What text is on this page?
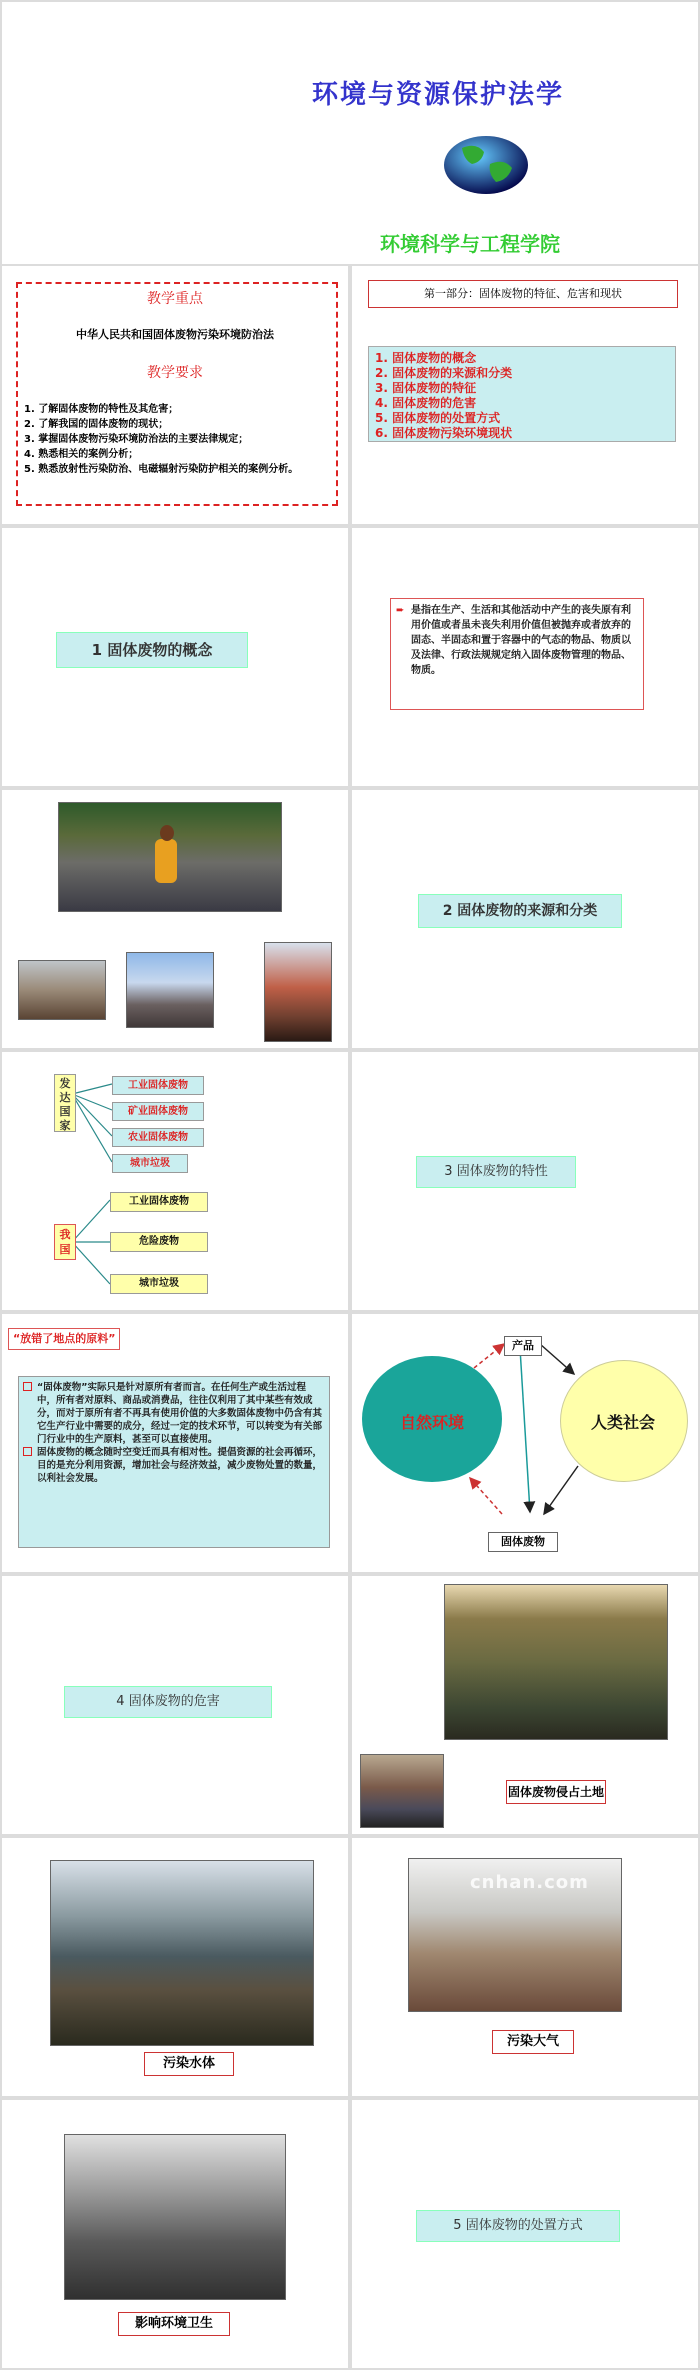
环境与资源保护法学
环境科学与工程学院
教学重点
中华人民共和国固体废物污染环境防治法
教学要求
1. 了解固体废物的特性及其危害；
2. 了解我国的固体废物的现状；
3. 掌握固体废物污染环境防治法的主要法律规定；
4. 熟悉相关的案例分析；
5. 熟悉放射性污染防治、电磁辐射污染防护相关的案例分析。
第一部分：固体废物的特征、危害和现状
1. 固体废物的概念
2. 固体废物的来源和分类
3. 固体废物的特征
4. 固体废物的危害
5. 固体废物的处置方式
6. 固体废物污染环境现状
1 固体废物的概念
➨ 是指在生产、生活和其他活动中产生的丧失原有利用价值或者虽未丧失利用价值但被抛弃或者放弃的固态、半固态和置于容器中的气态的物品、物质以及法律、行政法规规定纳入固体废物管理的物品、物质。
2 固体废物的来源和分类
发达国家
工业固体废物
矿业固体废物
农业固体废物
城市垃圾
我国
工业固体废物
危险废物
城市垃圾
3 固体废物的特性
“放错了地点的原料”
“固体废物”实际只是针对原所有者而言。在任何生产或生活过程中，所有者对原料、商品或消费品，往往仅利用了其中某些有效成分，而对于原所有者不再具有使用价值的大多数固体废物中仍含有其它生产行业中需要的成分，经过一定的技术环节，可以转变为有关部门行业中的生产原料，甚至可以直接使用。
固体废物的概念随时空变迁而具有相对性。提倡资源的社会再循环，目的是充分利用资源，增加社会与经济效益，减少废物处置的数量，以利社会发展。
自然环境	人类社会
产品
固体废物
4 固体废物的危害
固体废物侵占土地
污染水体
cnhan.com
污染大气
影响环境卫生
5 固体废物的处置方式
